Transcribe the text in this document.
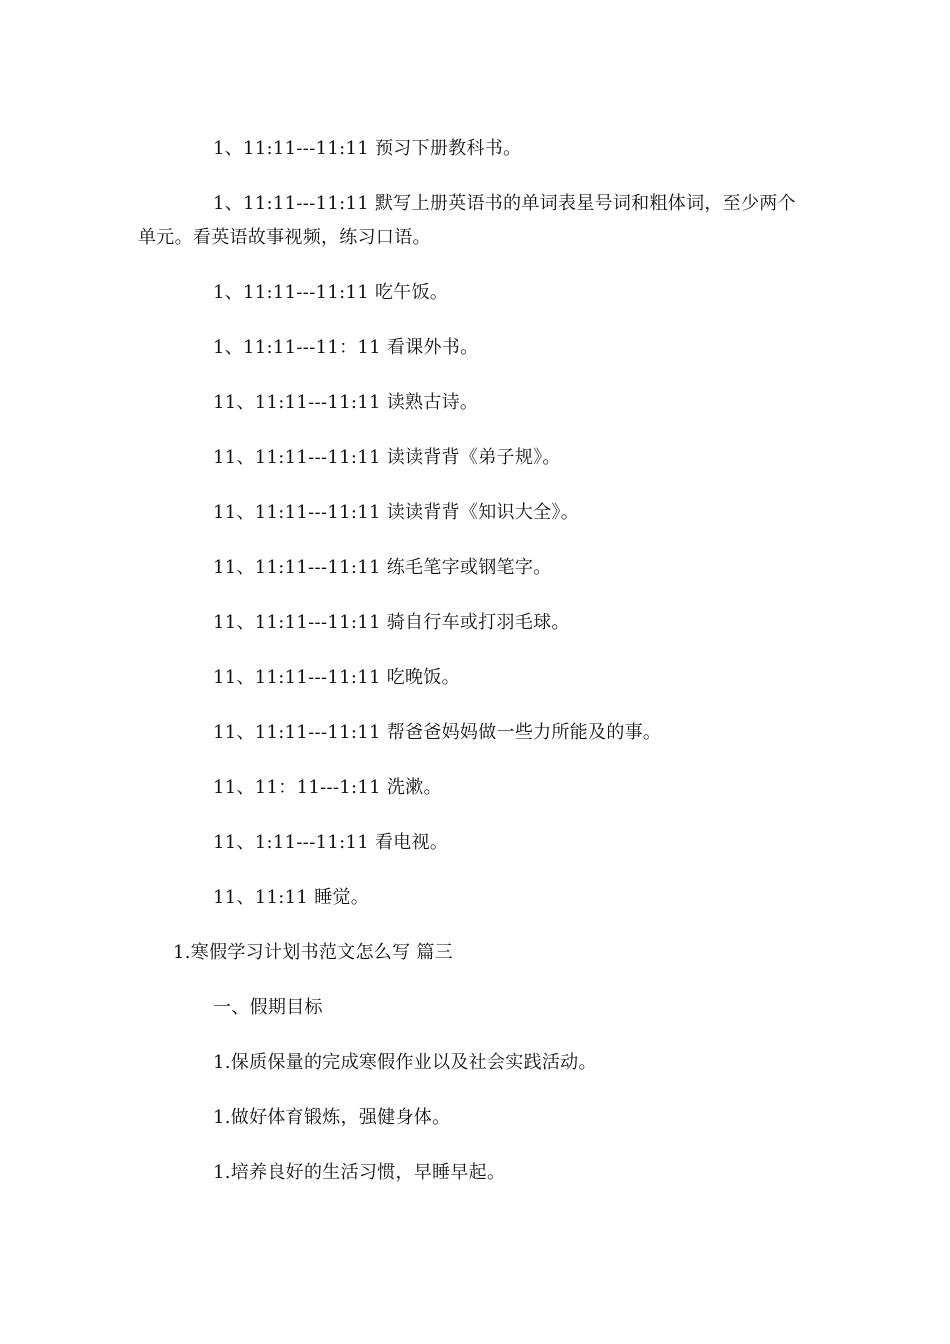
1、11:11---11:11 预习下册教科书。
1、11:11---11:11 默写上册英语书的单词表星号词和粗体词，至少两个
单元。看英语故事视频，练习口语。
1、11:11---11:11 吃午饭。
1、11:11---11：11 看课外书。
11、11:11---11:11 读熟古诗。
11、11:11---11:11 读读背背《弟子规》。
11、11:11---11:11 读读背背《知识大全》。
11、11:11---11:11 练毛笔字或钢笔字。
11、11:11---11:11 骑自行车或打羽毛球。
11、11:11---11:11 吃晚饭。
11、11:11---11:11 帮爸爸妈妈做一些力所能及的事。
11、11：11---1:11 洗漱。
11、1:11---11:11 看电视。
11、11:11 睡觉。
1.寒假学习计划书范文怎么写 篇三
一、假期目标
1.保质保量的完成寒假作业以及社会实践活动。
1.做好体育锻炼，强健身体。
1.培养良好的生活习惯，早睡早起。
